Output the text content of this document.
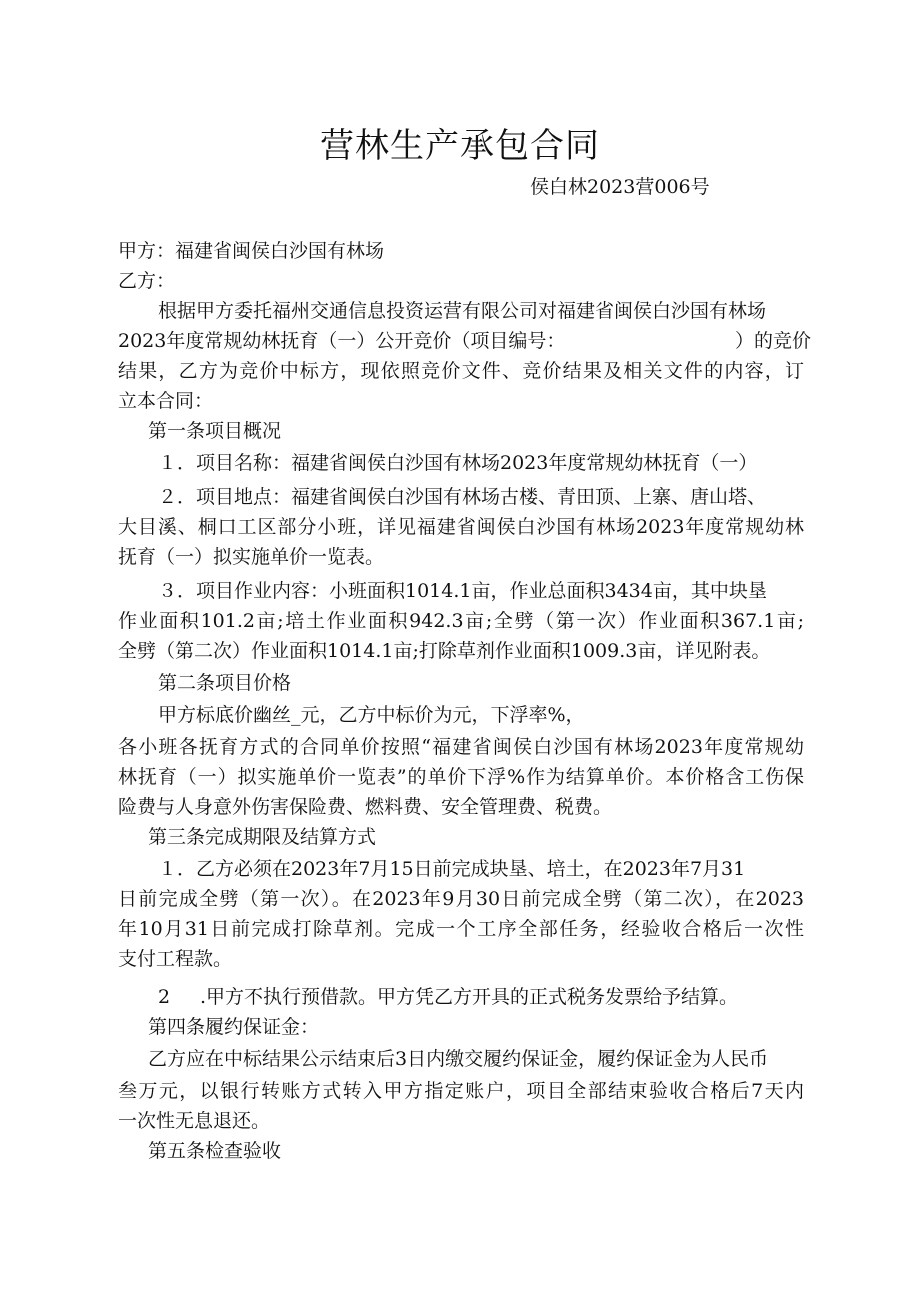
营林生产承包合同
侯白林2023营006号
甲方：福建省闽侯白沙国有林场
乙方：
根据甲方委托福州交通信息投资运营有限公司对福建省闽侯白沙国有林场
2023年度常规幼林抚育（一）公开竞价（项目编号：	）的竞价
结果，乙方为竞价中标方，现依照竞价文件、竞价结果及相关文件的内容，订
立本合同：
第一条项目概况
１．项目名称：福建省闽侯白沙国有林场2023年度常规幼林抚育（一）
２．项目地点：福建省闽侯白沙国有林场古楼、青田顶、上寨、唐山塔、
大目溪、桐口工区部分小班，详见福建省闽侯白沙国有林场2023年度常规幼林
抚育（一）拟实施单价一览表。
３．项目作业内容：小班面积1014.1亩，作业总面积3434亩，其中块垦
作业面积101.2亩;培土作业面积942.3亩;全劈（第一次）作业面积367.1亩;
全劈（第二次）作业面积1014.1亩;打除草剂作业面积1009.3亩，详见附表。
第二条项目价格
甲方标底价幽丝_元，乙方中标价为元，下浮率%，
各小班各抚育方式的合同单价按照“福建省闽侯白沙国有林场2023年度常规幼
林抚育（一）拟实施单价一览表”的单价下浮%作为结算单价。本价格含工伤保
险费与人身意外伤害保险费、燃料费、安全管理费、税费。
第三条完成期限及结算方式
１．乙方必须在2023年7月15日前完成块垦、培土，在2023年7月31
日前完成全劈（第一次）。在2023年9月30日前完成全劈（第二次），在2023
年10月31日前完成打除草剂。完成一个工序全部任务，经验收合格后一次性
支付工程款。
2 .甲方不执行预借款。甲方凭乙方开具的正式税务发票给予结算。
第四条履约保证金：
乙方应在中标结果公示结束后3日内缴交履约保证金，履约保证金为人民币
叁万元，以银行转账方式转入甲方指定账户，项目全部结束验收合格后7天内
一次性无息退还。
第五条检查验收
